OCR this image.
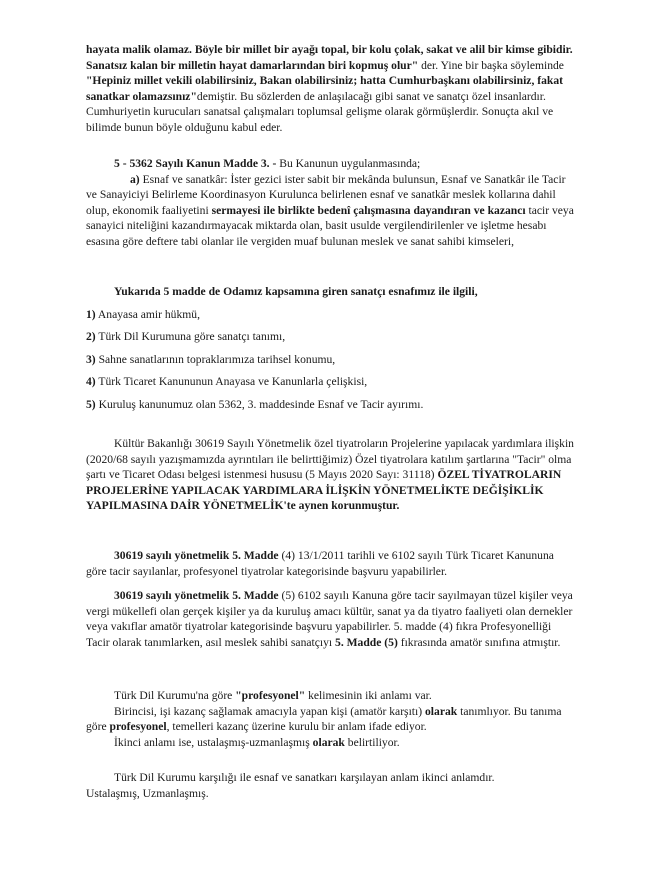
hayata malik olamaz. Böyle bir millet bir ayağı topal, bir kolu çolak, sakat ve alil bir kimse gibidir. Sanatsız kalan bir milletin hayat damarlarından biri kopmuş olur" der. Yine bir başka söyleminde "Hepiniz millet vekili olabilirsiniz, Bakan olabilirsiniz; hatta Cumhurbaşkanı olabilirsiniz, fakat sanatkar olamazsınız"demiştir. Bu sözlerden de anlaşılacağı gibi sanat ve sanatçı özel insanlardır. Cumhuriyetin kurucuları sanatsal çalışmaları toplumsal gelişme olarak görmüşlerdir. Sonuçta akıl ve bilimde bunun böyle olduğunu kabul eder.

5 - 5362 Sayılı Kanun Madde 3. - Bu Kanunun uygulanmasında;

a) Esnaf ve sanatkâr: İster gezici ister sabit bir mekânda bulunsun, Esnaf ve Sanatkâr ile Tacir ve Sanayiciyi Belirleme Koordinasyon Kurulunca belirlenen esnaf ve sanatkâr meslek kollarına dahil olup, ekonomik faaliyetini sermayesi ile birlikte bedenî çalışmasına dayandıran ve kazancı tacir veya sanayici niteliğini kazandırmayacak miktarda olan, basit usulde vergilendirilenler ve işletme hesabı esasına göre deftere tabi olanlar ile vergiden muaf bulunan meslek ve sanat sahibi kimseleri,

Yukarıda 5 madde de Odamız kapsamına giren sanatçı esnafımız ile ilgili,

1) Anayasa amir hükmü,

2) Türk Dil Kurumuna göre sanatçı tanımı,

3) Sahne sanatlarının topraklarımıza tarihsel konumu,

4) Türk Ticaret Kanununun Anayasa ve Kanunlarla çelişkisi,

5) Kuruluş kanunumuz olan 5362, 3. maddesinde Esnaf ve Tacir ayırımı.

Kültür Bakanlığı 30619 Sayılı Yönetmelik özel tiyatroların Projelerine yapılacak yardımlara ilişkin (2020/68 sayılı yazışmamızda ayrıntıları ile belirttiğimiz) Özel tiyatrolara katılım şartlarına "Tacir" olma şartı ve Ticaret Odası belgesi istenmesi hususu (5 Mayıs 2020 Sayı: 31118) ÖZEL TİYATROLARIN PROJELERİNE YAPILACAK YARDIMLARA İLİŞKİN YÖNETMELİKTE DEĞİŞİKLİK YAPILMASINA DAİR YÖNETMELİK'te aynen korunmuştur.

30619 sayılı yönetmelik 5. Madde (4) 13/1/2011 tarihli ve 6102 sayılı Türk Ticaret Kanununa göre tacir sayılanlar, profesyonel tiyatrolar kategorisinde başvuru yapabilirler.

30619 sayılı yönetmelik 5. Madde (5) 6102 sayılı Kanuna göre tacir sayılmayan tüzel kişiler veya vergi mükellefi olan gerçek kişiler ya da kuruluş amacı kültür, sanat ya da tiyatro faaliyeti olan dernekler veya vakıflar amatör tiyatrolar kategorisinde başvuru yapabilirler. 5. madde (4) fıkra Profesyonelliği Tacir olarak tanımlarken, asıl meslek sahibi sanatçıyı 5. Madde (5) fıkrasında amatör sınıfına atmıştır.

Türk Dil Kurumu'na göre "profesyonel" kelimesinin iki anlamı var.

Birincisi, işi kazanç sağlamak amacıyla yapan kişi (amatör karşıtı) olarak tanımlıyor. Bu tanıma göre profesyonel, temelleri kazanç üzerine kurulu bir anlam ifade ediyor.

İkinci anlamı ise, ustalaşmış-uzmanlaşmış olarak belirtiliyor.

Türk Dil Kurumu karşılığı ile esnaf ve sanatkarı karşılayan anlam ikinci anlamdır.

Ustalaşmış, Uzmanlaşmış.
